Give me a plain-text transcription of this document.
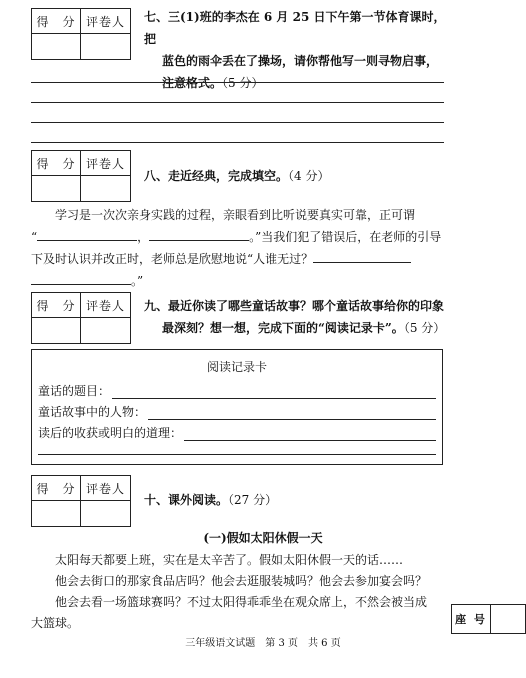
得　分 评卷人	七、三(1)班的李杰在 6 月 25 日下午第一节体育课时，把
蓝色的雨伞丢在了操场，请你帮他写一则寻物启事，
注意格式。（5 分）
得　分 评卷人
八、走近经典，完成填空。（4 分）
学习是一次次亲身实践的过程，亲眼看到比听说要真实可靠，正可谓
“	，	。”当我们犯了错误后，在老师的引导
下及时认识并改正时，老师总是欣慰地说“人谁无过？
。”
得　分 评卷人	九、最近你读了哪些童话故事？哪个童话故事给你的印象
最深刻？想一想，完成下面的“阅读记录卡”。（5 分）
阅读记录卡
童话的题目：
童话故事中的人物：
读后的收获或明白的道理：
得　分 评卷人
十、课外阅读。（27 分）
(一)假如太阳休假一天
太阳每天都要上班，实在是太辛苦了。假如太阳休假一天的话……
他会去街口的那家食品店吗？他会去逛服装城吗？他会去参加宴会吗？
他会去看一场篮球赛吗？不过太阳得乖乖坐在观众席上，不然会被当成
大篮球。	座 号
三年级语文试题　第 3 页　共 6 页
